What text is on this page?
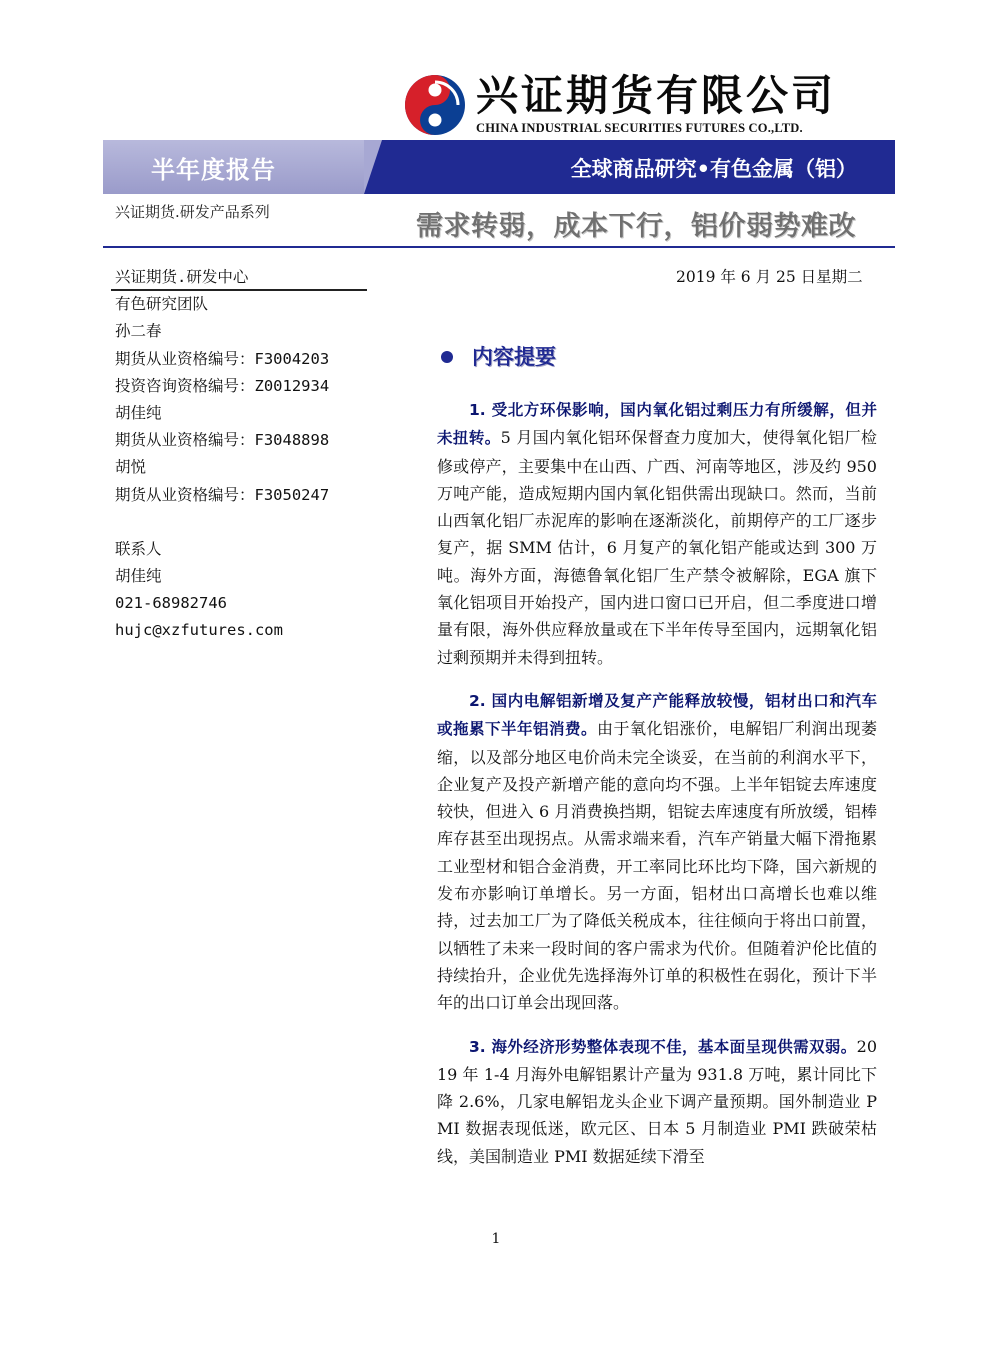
兴证期货有限公司
CHINA INDUSTRIAL SECURITIES FUTURES CO.,LTD.
半年度报告	全球商品研究•有色金属（铝）
兴证期货.研发产品系列	需求转弱，成本下行，铝价弱势难改
兴证期货.研发中心
有色研究团队
孙二春
期货从业资格编号：F3004203
投资咨询资格编号：Z0012934
胡佳纯
期货从业资格编号：F3048898
胡悦
期货从业资格编号：F3050247
联系人
胡佳纯
021-68982746
hujc@xzfutures.com
2019 年 6 月 25 日星期二
内容提要

1. 受北方环保影响，国内氧化铝过剩压力有所缓解，但并未扭转。5 月国内氧化铝环保督查力度加大，使得氧化铝厂检修或停产，主要集中在山西、广西、河南等地区，涉及约 950 万吨产能，造成短期内国内氧化铝供需出现缺口。然而，当前山西氧化铝厂赤泥库的影响在逐渐淡化，前期停产的工厂逐步复产，据 SMM 估计，6 月复产的氧化铝产能或达到 300 万吨。海外方面，海德鲁氧化铝厂生产禁令被解除，EGA 旗下氧化铝项目开始投产，国内进口窗口已开启，但二季度进口增量有限，海外供应释放量或在下半年传导至国内，远期氧化铝过剩预期并未得到扭转。

2. 国内电解铝新增及复产产能释放较慢，铝材出口和汽车或拖累下半年铝消费。由于氧化铝涨价，电解铝厂利润出现萎缩，以及部分地区电价尚未完全谈妥，在当前的利润水平下，企业复产及投产新增产能的意向均不强。上半年铝锭去库速度较快，但进入 6 月消费换挡期，铝锭去库速度有所放缓，铝棒库存甚至出现拐点。从需求端来看，汽车产销量大幅下滑拖累工业型材和铝合金消费，开工率同比环比均下降，国六新规的发布亦影响订单增长。另一方面，铝材出口高增长也难以维持，过去加工厂为了降低关税成本，往往倾向于将出口前置，以牺牲了未来一段时间的客户需求为代价。但随着沪伦比值的持续抬升，企业优先选择海外订单的积极性在弱化，预计下半年的出口订单会出现回落。

3. 海外经济形势整体表现不佳，基本面呈现供需双弱。2019 年 1-4 月海外电解铝累计产量为 931.8 万吨，累计同比下降 2.6%，几家电解铝龙头企业下调产量预期。国外制造业 PMI 数据表现低迷，欧元区、日本 5 月制造业 PMI 跌破荣枯线，美国制造业 PMI 数据延续下滑至

1
